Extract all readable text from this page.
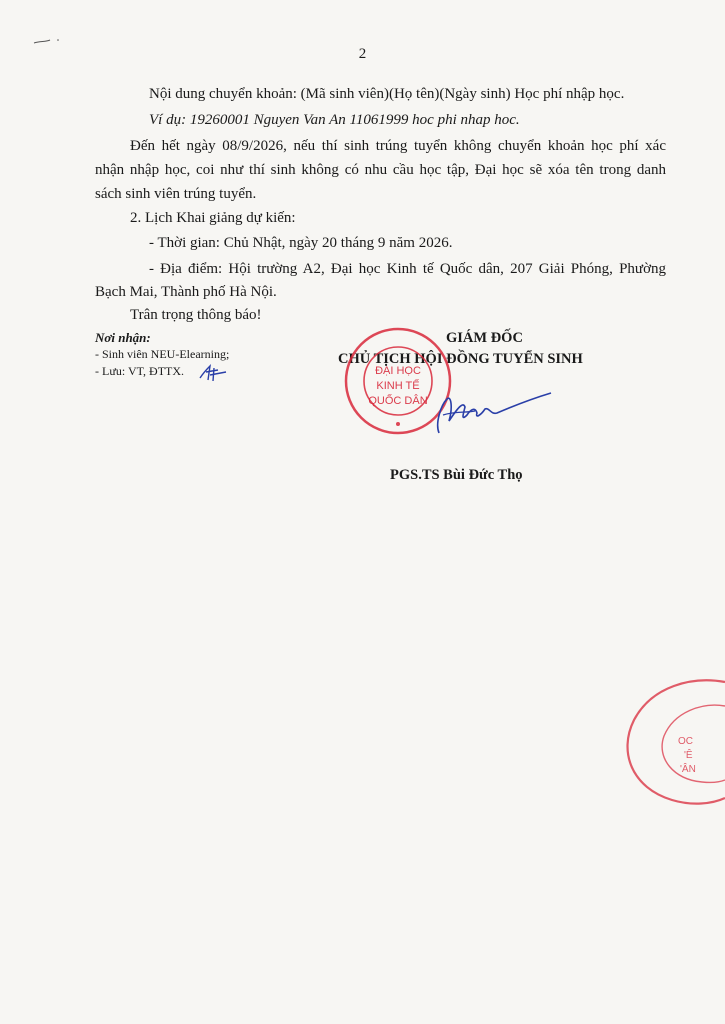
2
Nội dung chuyển khoản: (Mã sinh viên)(Họ tên)(Ngày sinh) Học phí nhập học.
Ví dụ: 19260001 Nguyen Van An 11061999 hoc phi nhap hoc.
Đến hết ngày 08/9/2026, nếu thí sinh trúng tuyển không chuyển khoản học phí xác
nhận nhập học, coi như thí sinh không có nhu cầu học tập, Đại học sẽ xóa tên trong danh
sách sinh viên trúng tuyển.
2. Lịch Khai giảng dự kiến:
- Thời gian: Chủ Nhật, ngày 20 tháng 9 năm 2026.
- Địa điểm: Hội trường A2, Đại học Kinh tế Quốc dân, 207 Giải Phóng, Phường
Bạch Mai, Thành phố Hà Nội.
Trân trọng thông báo!
Nơi nhận:
- Sinh viên NEU-Elearning;
- Lưu: VT, ĐTTX.
GIÁM ĐỐC
CHỦ TỊCH HỘI ĐỒNG TUYỂN SINH
ĐẠI HỌC
KINH TẾ
QUỐC DÂN
PGS.TS Bùi Đức Thọ
OC
'Ê
'ÂN
